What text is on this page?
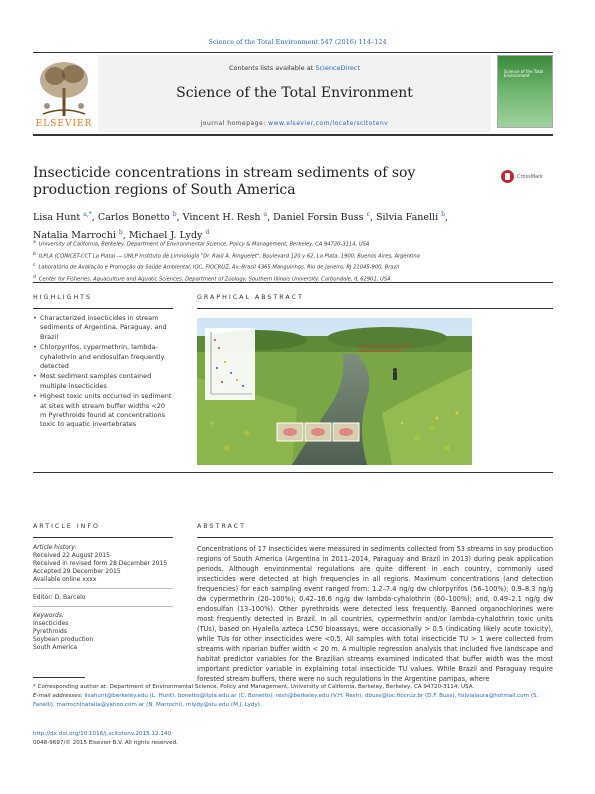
Science of the Total Environment 547 (2016) 114–124
ELSEVIER
Contents lists available at ScienceDirect
Science of the Total Environment
journal homepage: www.elsevier.com/locate/scitotenv
Science of the Total Environment
Insecticide concentrations in stream sediments of soy production regions of South America
CrossMark
Lisa Hunt $^{a,*}$, Carlos Bonetto $^b$, Vincent H. Resh $^a$, Daniel Forsin Buss $^c$, Silvia Fanelli $^b$,
Natalia Marrochi $^b$, Michael J. Lydy $^d$
a University of California, Berkeley, Department of Environmental Science, Policy & Management, Berkeley, CA 94720-3114, USA
b ILPLA (CONICET-CCT La Plata) — UNLP Instituto de Limnología "Dr. Raúl A. Ringuelet", Boulevard 120 y 62, La Plata, 1900, Buenos Aires, Argentina
c Laboratório de Avaliação e Promoção da Saúde Ambiental, IOC, FIOCRUZ, Av. Brasil 4365 Manguinhos, Rio de Janeiro, RJ 21045-900, Brazil
d Center for Fisheries, Aquaculture and Aquatic Sciences, Department of Zoology, Southern Illinois University, Carbondale, IL 62901, USA
HIGHLIGHTS
• Characterized insecticides in stream sediments of Argentina, Paraguay, and Brazil
• Chlorpyrifos, cypermethrin, lambda-cyhalothrin and endosulfan frequently detected
• Most sediment samples contained multiple insecticides
• Highest toxic units occurred in sediment at sites with stream buffer widths <20 m Pyrethroids found at concentrations toxic to aquatic invertebrates
GRAPHICAL ABSTRACT
ARTICLE INFO
Article history:
Received 22 August 2015
Received in revised form 28 December 2015
Accepted 29 December 2015
Available online xxxx
Editor: D. Barcelo
Keywords:
Insecticides
Pyrethroids
Soybean production
South America
ABSTRACT
Concentrations of 17 insecticides were measured in sediments collected from 53 streams in soy production regions of South America (Argentina in 2011–2014, Paraguay and Brazil in 2013) during peak application periods. Although environmental regulations are quite different in each country, commonly used insecticides were detected at high frequencies in all regions. Maximum concentrations (and detection frequencies) for each sampling event ranged from: 1.2–7.4 ng/g dw chlorpyrifos (56–100%); 0.9–8.3 ng/g dw cypermethrin (20–100%); 0.42–16.6 ng/g dw lambda-cyhalothrin (60–100%); and, 0.49–2.1 ng/g dw endosulfan (13–100%). Other pyrethroids were detected less frequently. Banned organochlorines were most frequently detected in Brazil. In all countries, cypermethrin and/or lambda-cyhalothrin toxic units (TUs), based on Hyalella azteca LC50 bioassays, were occasionally > 0.5 (indicating likely acute toxicity), while TUs for other insecticides were <0.5. All samples with total insecticide TU > 1 were collected from streams with riparian buffer width < 20 m. A multiple regression analysis that included five landscape and habitat predictor variables for the Brazilian streams examined indicated that buffer width was the most important predictor variable in explaining total insecticide TU values. While Brazil and Paraguay require forested stream buffers, there were no such regulations in the Argentine pampas, where
* Corresponding author at: Department of Environmental Science, Policy and Management, University of California, Berkeley, Berkeley, CA 94720-3114, USA.
E-mail addresses: lisahunt@berkeley.edu (L. Hunt), bonetto@ilpla.edu.ar (C. Bonetto), resh@berkeley.edu (V.H. Resh), dbuss@ioc.fiocruz.br (D.F. Buss), fsilvialaura@hotmail.com (S. Fanelli), marrochinatalia@yahoo.com.ar (N. Marrochi), mlydy@siu.edu (M.J. Lydy).
http://dx.doi.org/10.1016/j.scitotenv.2015.12.140
0048-9697/© 2015 Elsevier B.V. All rights reserved.
